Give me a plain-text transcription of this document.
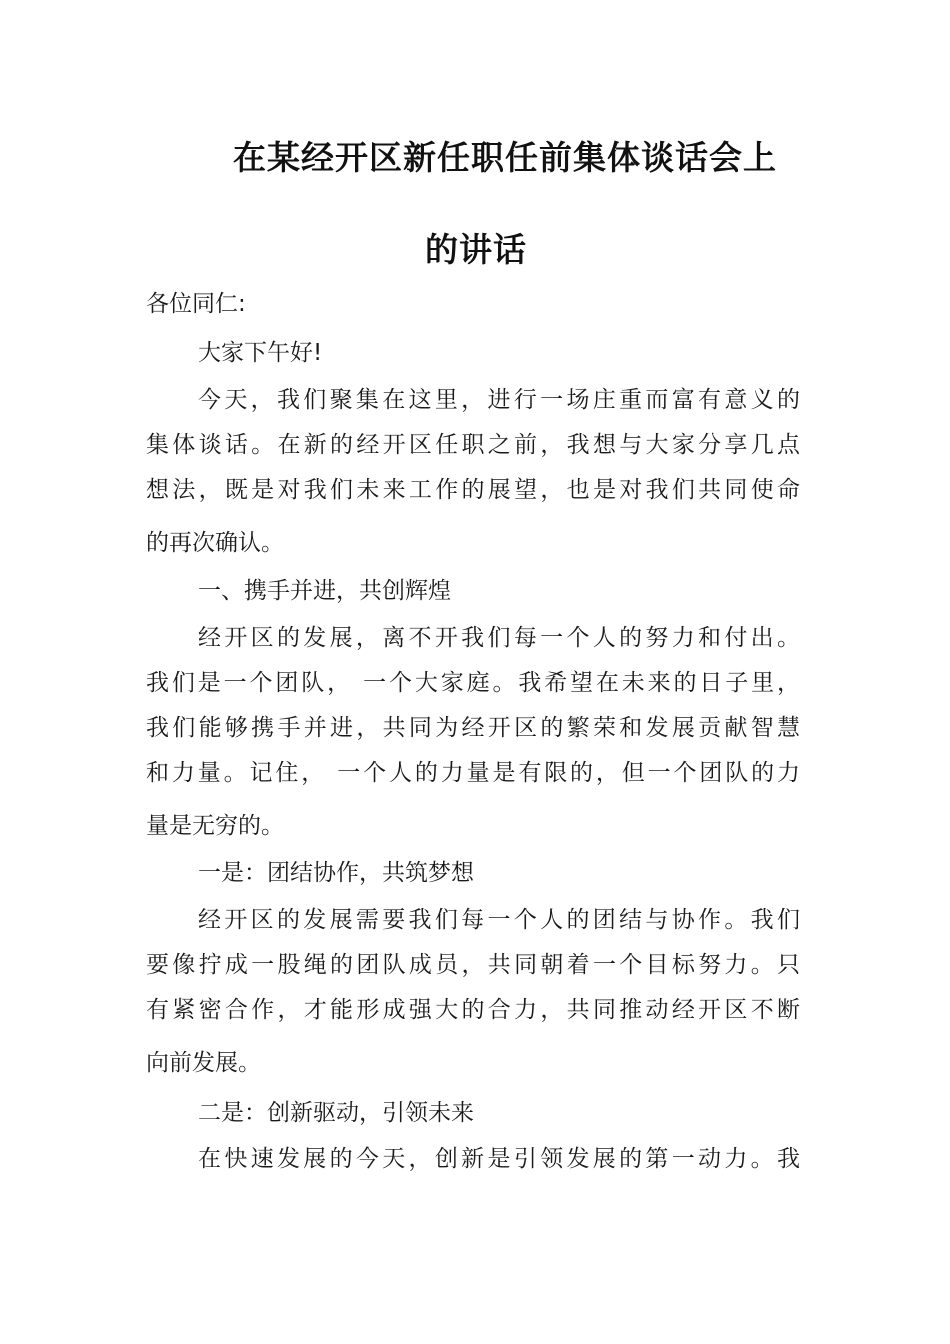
在某经开区新任职任前集体谈话会上
的讲话
各位同仁:
大家下午好!
今天，我们聚集在这里，进行一场庄重而富有意义的
集体谈话。在新的经开区任职之前，我想与大家分享几点
想法，既是对我们未来工作的展望，也是对我们共同使命
的再次确认。
一、携手并进，共创辉煌
经开区的发展，离不开我们每一个人的努力和付出。
我们是一个团队， 一个大家庭。我希望在未来的日子里，
我们能够携手并进，共同为经开区的繁荣和发展贡献智慧
和力量。记住， 一个人的力量是有限的，但一个团队的力
量是无穷的。
一是：团结协作，共筑梦想
经开区的发展需要我们每一个人的团结与协作。我们
要像拧成一股绳的团队成员，共同朝着一个目标努力。只
有紧密合作，才能形成强大的合力，共同推动经开区不断
向前发展。
二是：创新驱动，引领未来
在快速发展的今天，创新是引领发展的第一动力。我
